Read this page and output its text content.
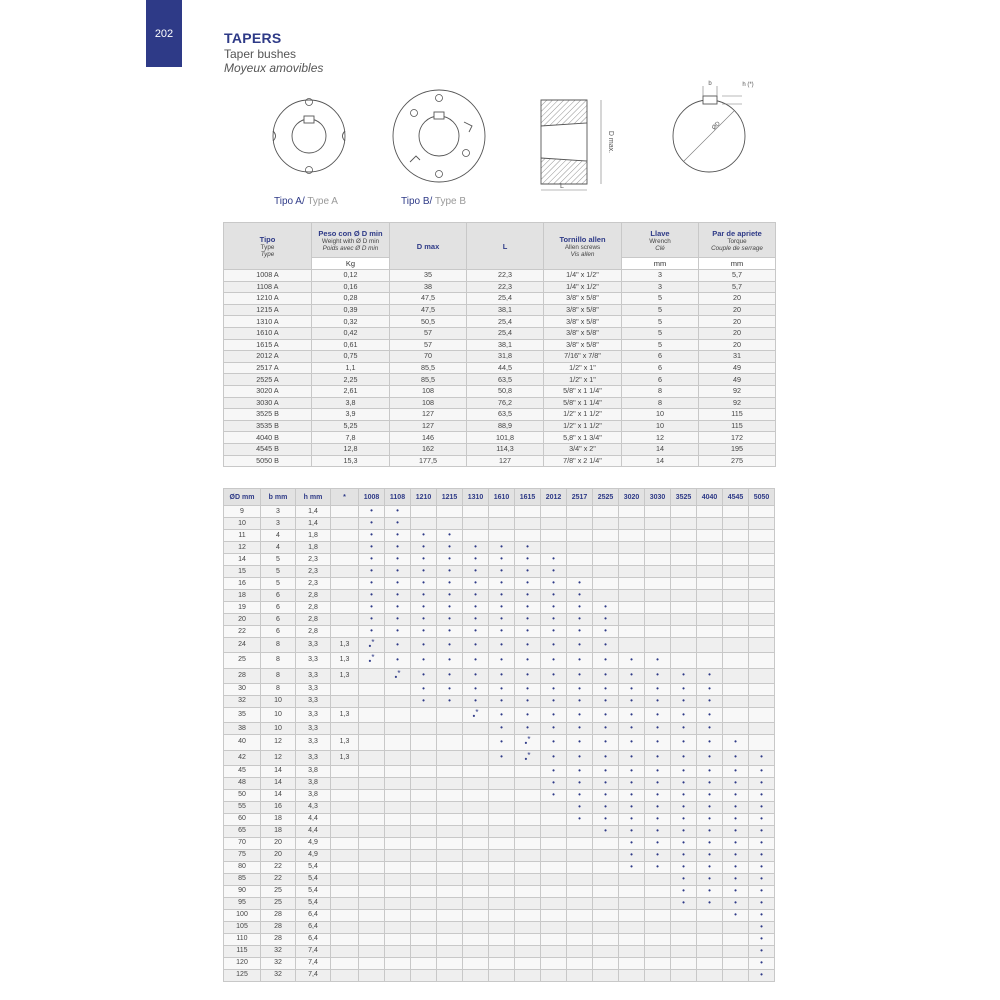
202	TAPERS
Taper bushes
Moyeux amovibles
Tipo A/ Type A	Tipo B/ Type B
D max.
L
b	h (*)
ØD
Tipo
Type
Type	Peso con Ø D min
Weight with Ø D min
Poids avec Ø D min	D max	L	Tornillo allen
Allen screws
Vis allen	Llave
Wrench
Clé	Par de apriete
Torque
Couple de serrage	

	Kg				mm	mm		
1008 A	0,12	35	22,3	1/4" x 1/2"	3	5,7	
1108 A	0,16	38	22,3	1/4" x 1/2"	3	5,7	
1210 A	0,28	47,5	25,4	3/8" x 5/8"	5	20	
1215 A	0,39	47,5	38,1	3/8" x 5/8"	5	20	
1310 A	0,32	50,5	25,4	3/8" x 5/8"	5	20	
1610 A	0,42	57	25,4	3/8" x 5/8"	5	20	
1615 A	0,61	57	38,1	3/8" x 5/8"	5	20	
2012 A	0,75	70	31,8	7/16" x 7/8"	6	31	
2517 A	1,1	85,5	44,5	1/2" x 1"	6	49	
2525 A	2,25	85,5	63,5	1/2" x 1"	6	49	
3020 A	2,61	108	50,8	5/8" x 1 1/4"	8	92	
3030 A	3,8	108	76,2	5/8" x 1 1/4"	8	92	
3525 B	3,9	127	63,5	1/2" x 1 1/2"	10	115	
3535 B	5,25	127	88,9	1/2" x 1 1/2"	10	115	
4040 B	7,8	146	101,8	5,8" x 1 3/4"	12	172	
4545 B	12,8	162	114,3	3/4" x 2"	14	195	
5050 B	15,3	177,5	127	7/8" x 2 1/4"	14	275	
ØD mm	b mm	h mm	*	1008	1108	1210	1215	1310	1610	1615	2012	2517	2525	3020	3030	3525	4040	4545	5050
9	3	1,4		•	•														
10	3	1,4		•	•														
11	4	1,8		•	•	•	•												
12	4	1,8		•	•	•	•	•	•	•									
14	5	2,3		•	•	•	•	•	•	•	•								
15	5	2,3		•	•	•	•	•	•	•	•								
16	5	2,3		•	•	•	•	•	•	•	•	•							
18	6	2,8		•	•	•	•	•	•	•	•	•							
19	6	2,8		•	•	•	•	•	•	•	•	•	•						
20	6	2,8		•	•	•	•	•	•	•	•	•	•						
22	6	2,8		•	•	•	•	•	•	•	•	•	•						
24	8	3,3	1,3	•*	•	•	•	•	•	•	•	•	•						
25	8	3,3	1,3	•*	•	•	•	•	•	•	•	•	•	•	•				
28	8	3,3	1,3		•*	•	•	•	•	•	•	•	•	•	•	•	•		
30	8	3,3				•	•	•	•	•	•	•	•	•	•	•	•		
32	10	3,3				•	•	•	•	•	•	•	•	•	•	•	•		
35	10	3,3	1,3					•*	•	•	•	•	•	•	•	•	•		
38	10	3,3							•	•	•	•	•	•	•	•	•		
40	12	3,3	1,3						•	•*	•	•	•	•	•	•	•	•	
42	12	3,3	1,3						•	•*	•	•	•	•	•	•	•	•	•
45	14	3,8									•	•	•	•	•	•	•	•	•
48	14	3,8									•	•	•	•	•	•	•	•	•
50	14	3,8									•	•	•	•	•	•	•	•	•
55	16	4,3										•	•	•	•	•	•	•	•
60	18	4,4										•	•	•	•	•	•	•	•
65	18	4,4											•	•	•	•	•	•	•
70	20	4,9												•	•	•	•	•	•
75	20	4,9												•	•	•	•	•	•
80	22	5,4												•	•	•	•	•	•
85	22	5,4														•	•	•	•
90	25	5,4														•	•	•	•
95	25	5,4														•	•	•	•
100	28	6,4																•	•
105	28	6,4																	•
110	28	6,4																	•
115	32	7,4																	•
120	32	7,4																	•
125	32	7,4																	•
